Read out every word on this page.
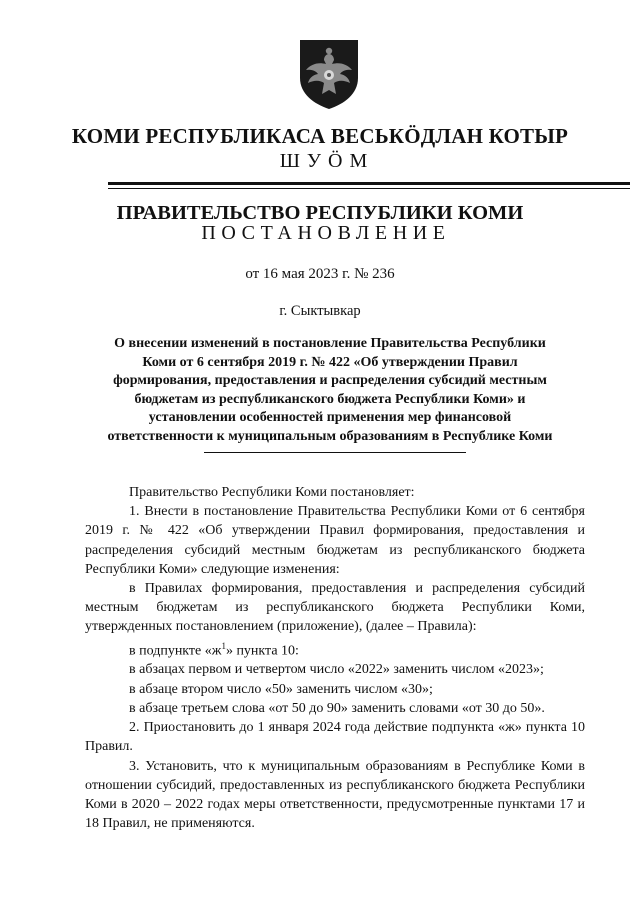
КОМИ РЕСПУБЛИКАСА ВЕСЬКӦДЛАН КОТЫР
ШУӦМ
ПРАВИТЕЛЬСТВО РЕСПУБЛИКИ КОМИ
ПОСТАНОВЛЕНИЕ
от 16 мая 2023 г. № 236
г. Сыктывкар
О внесении изменений в постановление Правительства Республики
Коми от 6 сентября 2019 г. № 422 «Об утверждении Правил
формирования, предоставления и распределения субсидий местным
бюджетам из республиканского бюджета Республики Коми» и
установлении особенностей применения мер финансовой
ответственности к муниципальным образованиям в Республике Коми

Правительство Республики Коми постановляет:

1. Внести в постановление Правительства Республики Коми от 6 сентября 2019 г. № 422 «Об утверждении Правил формирования, предоставления и распределения субсидий местным бюджетам из республиканского бюджета Республики Коми» следующие изменения:

в Правилах формирования, предоставления и распределения субсидий местным бюджетам из республиканского бюджета Республики Коми, утвержденных постановлением (приложение), (далее – Правила):

в подпункте «$ж^1$» пункта 10:

в абзацах первом и четвертом число «2022» заменить числом «2023»;

в абзаце втором число «50» заменить числом «30»;

в абзаце третьем слова «от 50 до 90» заменить словами «от 30 до 50».

2. Приостановить до 1 января 2024 года действие подпункта «ж» пункта 10 Правил.

3. Установить, что к муниципальным образованиям в Республике Коми в отношении субсидий, предоставленных из республиканского бюджета Республики Коми в 2020 – 2022 годах меры ответственности, предусмотренные пунктами 17 и 18 Правил, не применяются.
